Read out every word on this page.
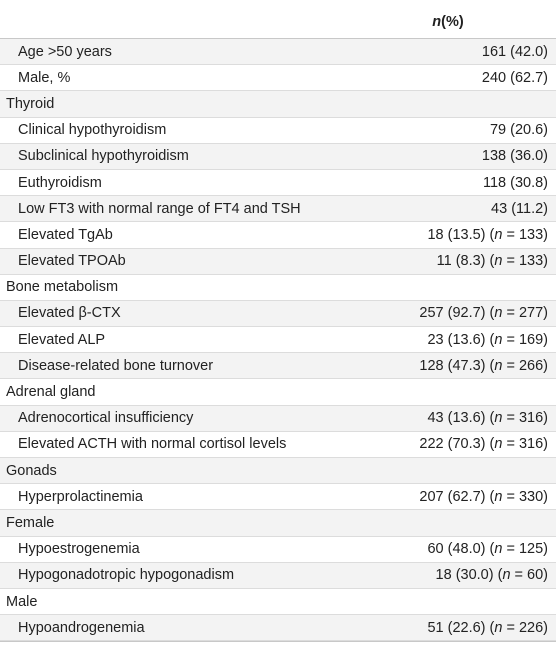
n(%)
Age >50 years	161 (42.0)
Male, %	240 (62.7)
Thyroid
Clinical hypothyroidism	79 (20.6)
Subclinical hypothyroidism	138 (36.0)
Euthyroidism	118 (30.8)
Low FT3 with normal range of FT4 and TSH	43 (11.2)
Elevated TgAb	18 (13.5) (n = 133)
Elevated TPOAb	11 (8.3) (n = 133)
Bone metabolism
Elevated β-CTX	257 (92.7) (n = 277)
Elevated ALP	23 (13.6) (n = 169)
Disease-related bone turnover	128 (47.3) (n = 266)
Adrenal gland
Adrenocortical insufficiency	43 (13.6) (n = 316)
Elevated ACTH with normal cortisol levels	222 (70.3) (n = 316)
Gonads
Hyperprolactinemia	207 (62.7) (n = 330)
Female
Hypoestrogenemia	60 (48.0) (n = 125)
Hypogonadotropic hypogonadism	18 (30.0) (n = 60)
Male
Hypoandrogenemia	51 (22.6) (n = 226)
